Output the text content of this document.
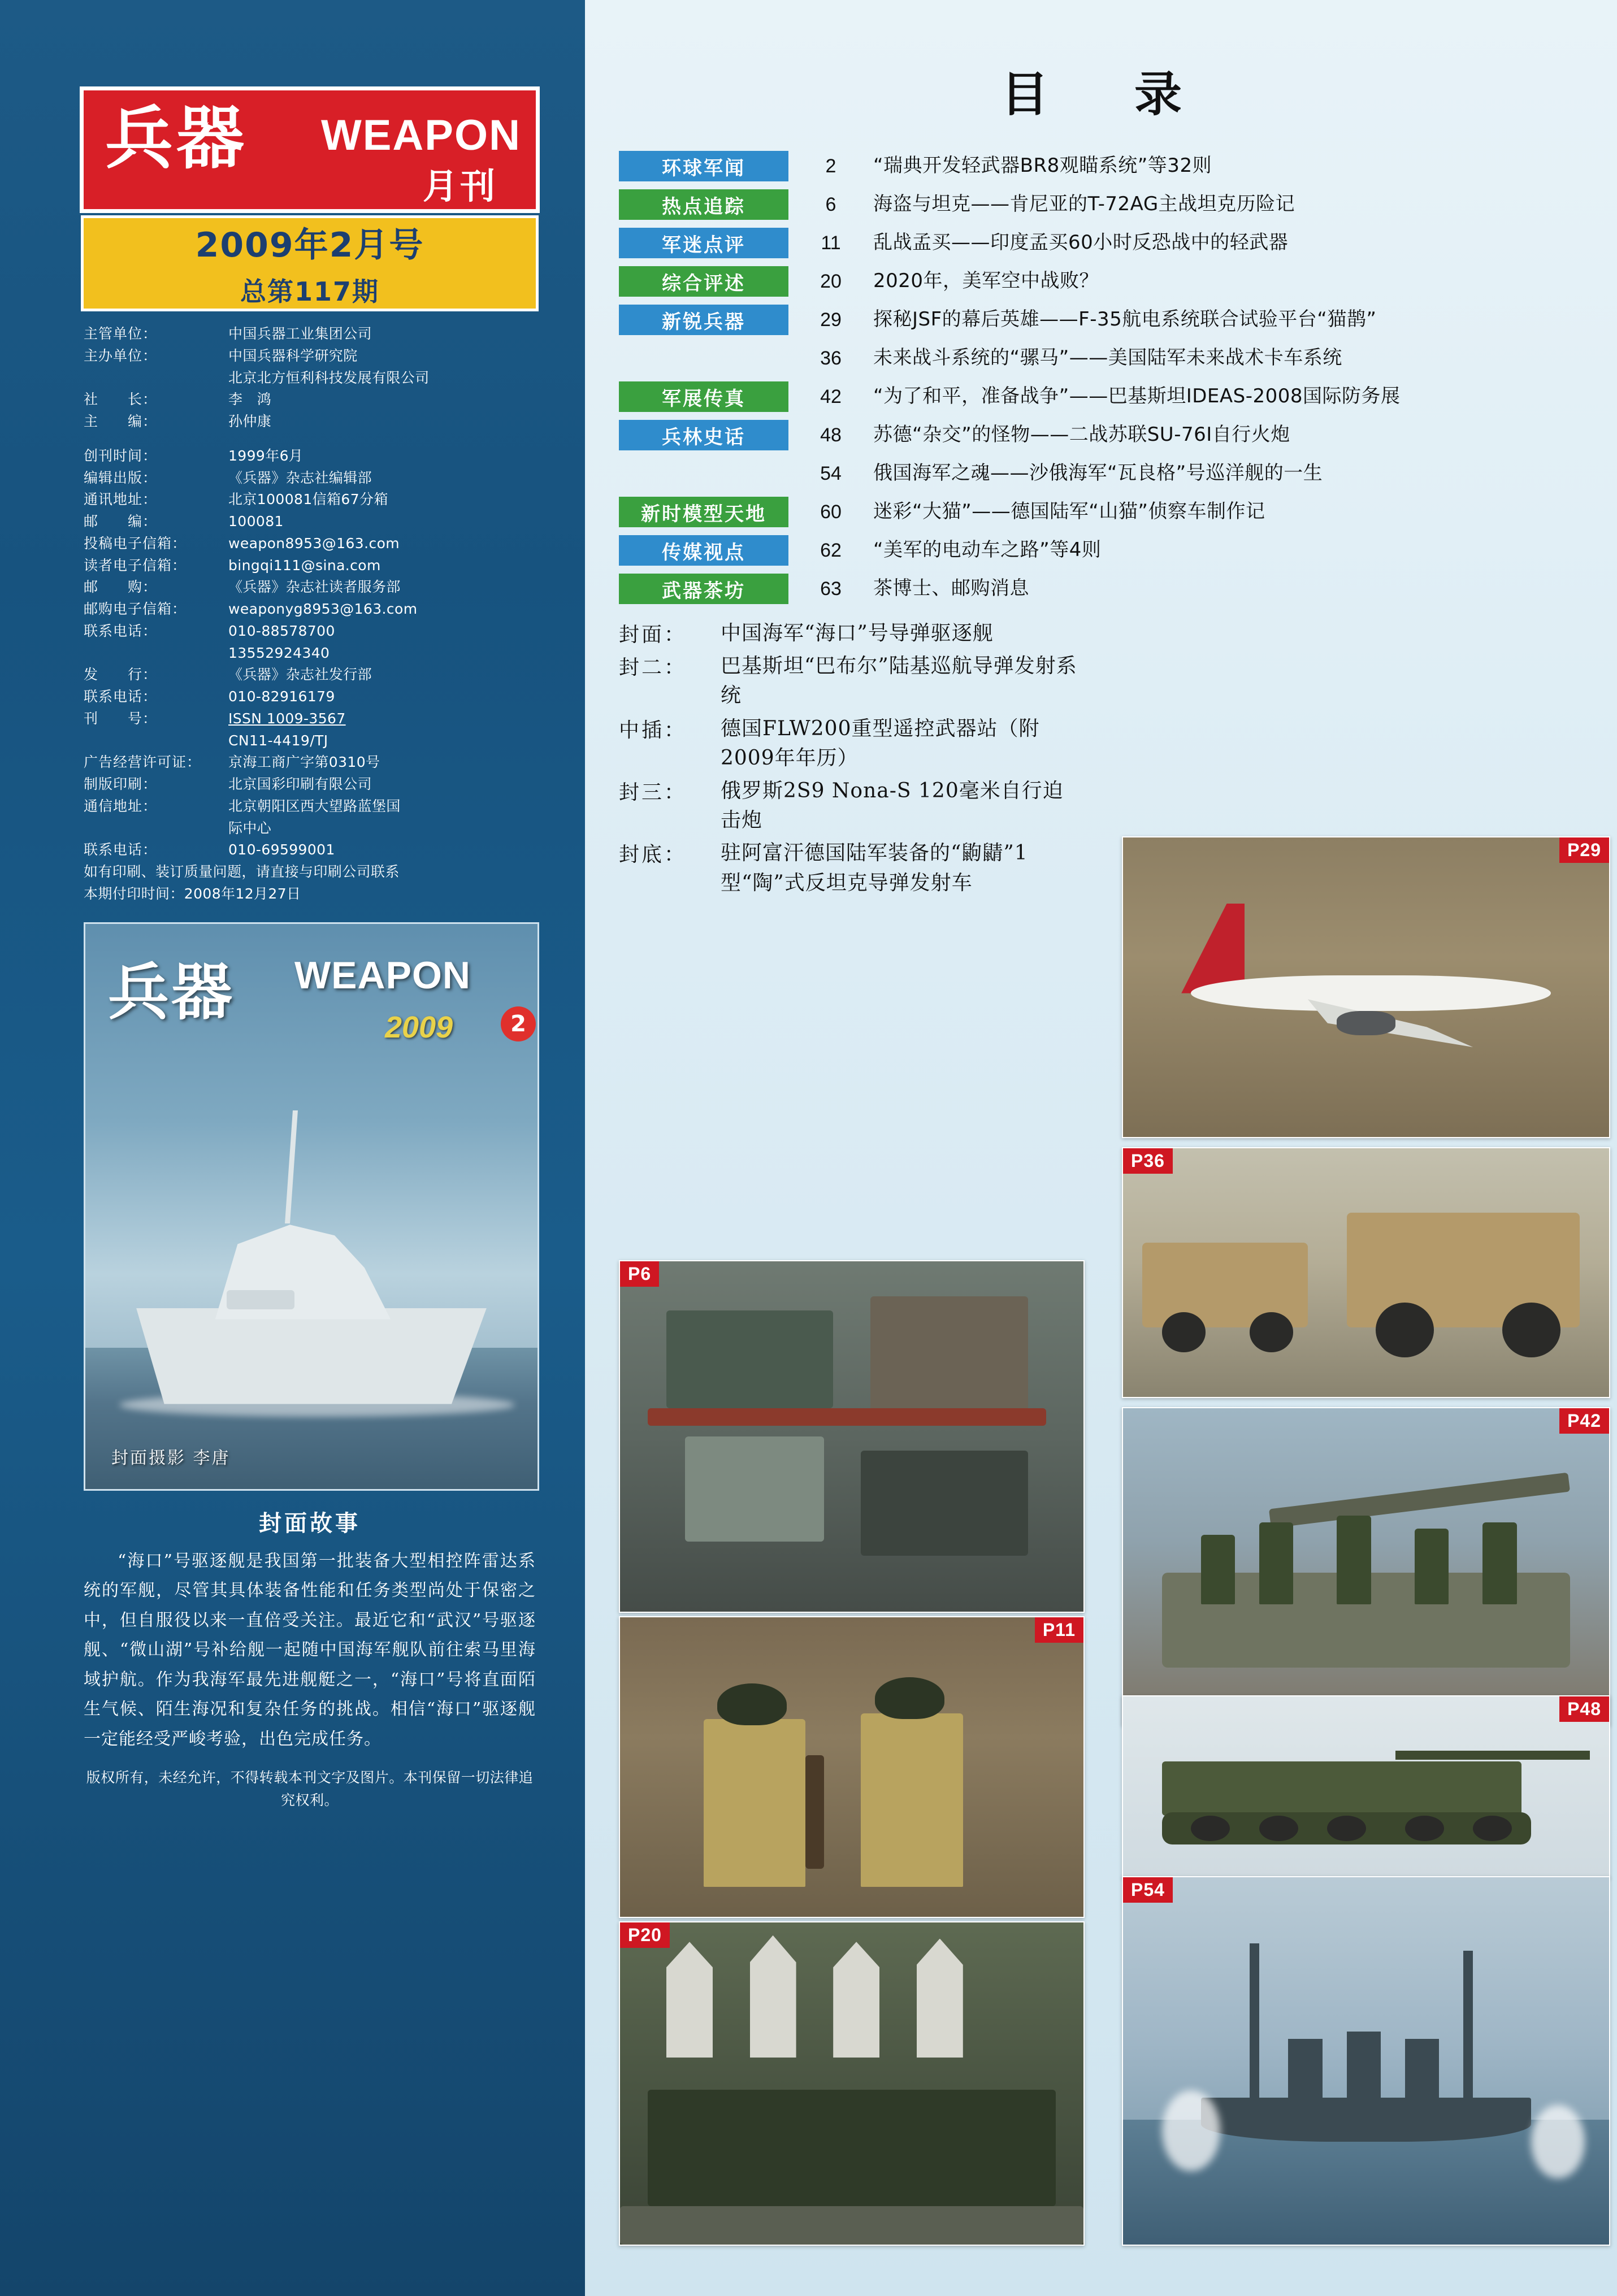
兵器 WEAPON
月刊
2009年2月号
总第117期
主管单位：	中国兵器工业集团公司
主办单位：	中国兵器科学研究院
北京北方恒利科技发展有限公司
社　　长：	李　鸿
主　　编：	孙仲康
创刊时间：	1999年6月
编辑出版：	《兵器》杂志社编辑部
通讯地址：	北京100081信箱67分箱
邮　　编：	100081
投稿电子信箱：	weapon8953@163.com
读者电子信箱：	bingqi111@sina.com
邮　　购：	《兵器》杂志社读者服务部
邮购电子信箱：	weaponyg8953@163.com
联系电话：	010-88578700
13552924340
发　　行：	《兵器》杂志社发行部
联系电话：	010-82916179
刊　　号：	ISSN 1009-3567
CN11-4419/TJ
广告经营许可证：	京海工商广字第0310号
制版印刷：	北京国彩印刷有限公司
通信地址：	北京朝阳区西大望路蓝堡国
际中心
联系电话：	010-69599001
如有印刷、装订质量问题，请直接与印刷公司联系
本期付印时间：2008年12月27日
兵器 WEAPON
2009	2
封面摄影 李唐
封面故事

“海口”号驱逐舰是我国第一批装备大型相控阵雷达系统的军舰，尽管其具体装备性能和任务类型尚处于保密之中，但自服役以来一直倍受关注。最近它和“武汉”号驱逐舰、“微山湖”号补给舰一起随中国海军舰队前往索马里海域护航。作为我海军最先进舰艇之一，“海口”号将直面陌生气候、陌生海况和复杂任务的挑战。相信“海口”驱逐舰一定能经受严峻考验，出色完成任务。

版权所有，未经允许，不得转载本刊文字及图片。本刊保留一切法律追究权利。
目　录
环球军闻	2	“瑞典开发轻武器BR8观瞄系统”等32则
热点追踪	6	海盗与坦克——肯尼亚的T-72AG主战坦克历险记
军迷点评	11	乱战孟买——印度孟买60小时反恐战中的轻武器
综合评述	20	2020年，美军空中战败？
新锐兵器	29	探秘JSF的幕后英雄——F-35航电系统联合试验平台“猫鹊”
36	未来战斗系统的“骡马”——美国陆军未来战术卡车系统
军展传真	42	“为了和平，准备战争”——巴基斯坦IDEAS-2008国际防务展
兵林史话	48	苏德“杂交”的怪物——二战苏联SU-76I自行火炮
54	俄国海军之魂——沙俄海军“瓦良格”号巡洋舰的一生
新时模型天地	60	迷彩“大猫”——德国陆军“山猫”侦察车制作记
传媒视点	62	“美军的电动车之路”等4则
武器茶坊	63	茶博士、邮购消息
封面：	中国海军“海口”号导弹驱逐舰
封二：	巴基斯坦“巴布尔”陆基巡航导弹发射系统
中插：	德国FLW200重型遥控武器站（附2009年年历）
封三：	俄罗斯2S9 Nona-S 120毫米自行迫击炮
封底：	驻阿富汗德国陆军装备的“鼩鼱”1型“陶”式反坦克导弹发射车
P29
P36
P42
P48
P54
P6
P11
P20
